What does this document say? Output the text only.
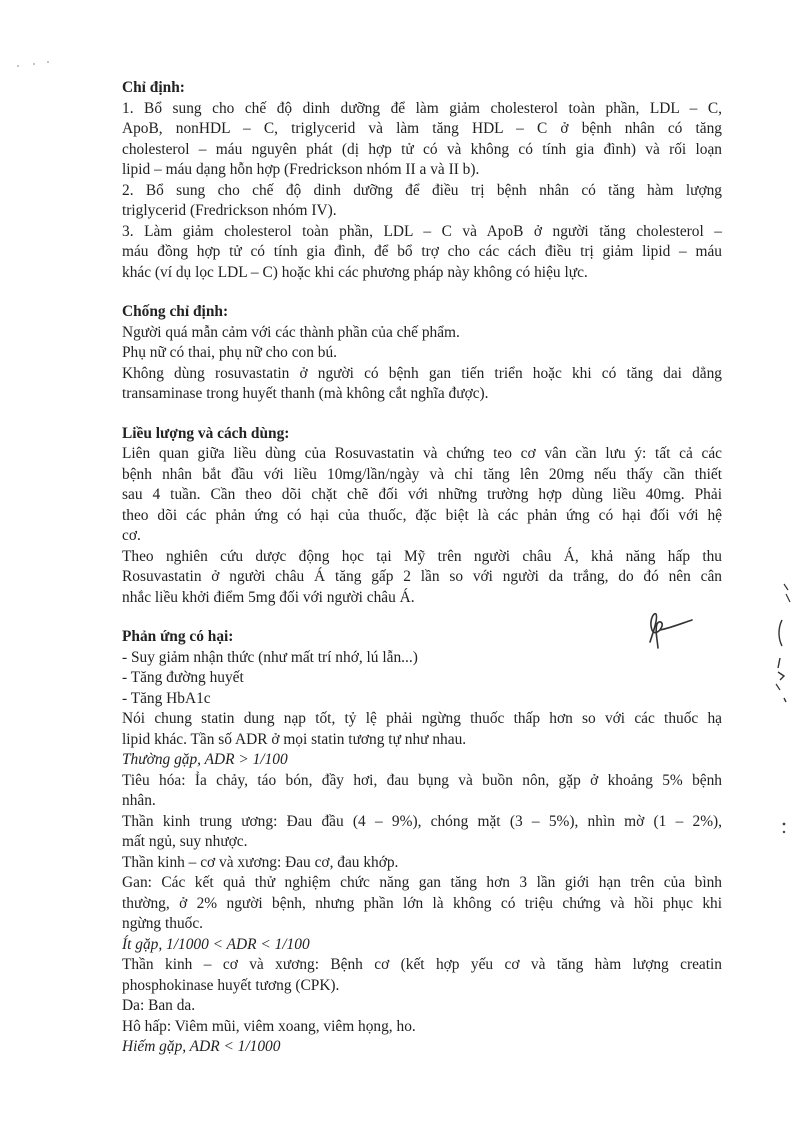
Chỉ định:
1. Bổ sung cho chế độ dinh dưỡng để làm giảm cholesterol toàn phần, LDL – C,
ApoB, nonHDL – C, triglycerid và làm tăng HDL – C ở bệnh nhân có tăng
cholesterol – máu nguyên phát (dị hợp tử có và không có tính gia đình) và rối loạn
lipid – máu dạng hỗn hợp (Fredrickson nhóm II a và II b).
2. Bổ sung cho chế độ dinh dưỡng để điều trị bệnh nhân có tăng hàm lượng
triglycerid (Fredrickson nhóm IV).
3. Làm giảm cholesterol toàn phần, LDL – C và ApoB ở người tăng cholesterol –
máu đồng hợp tử có tính gia đình, để bổ trợ cho các cách điều trị giảm lipid – máu
khác (ví dụ lọc LDL – C) hoặc khi các phương pháp này không có hiệu lực.
Chống chỉ định:
Người quá mẫn cảm với các thành phần của chế phẩm.
Phụ nữ có thai, phụ nữ cho con bú.
Không dùng rosuvastatin ở người có bệnh gan tiến triển hoặc khi có tăng dai dẳng
transaminase trong huyết thanh (mà không cắt nghĩa được).
Liều lượng và cách dùng:
Liên quan giữa liều dùng của Rosuvastatin và chứng teo cơ vân cần lưu ý: tất cả các
bệnh nhân bắt đầu với liều 10mg/lần/ngày và chỉ tăng lên 20mg nếu thấy cần thiết
sau 4 tuần. Cần theo dõi chặt chẽ đối với những trường hợp dùng liều 40mg. Phải
theo dõi các phản ứng có hại của thuốc, đặc biệt là các phản ứng có hại đối với hệ
cơ.
Theo nghiên cứu dược động học tại Mỹ trên người châu Á, khả năng hấp thu
Rosuvastatin ở người châu Á tăng gấp 2 lần so với người da trắng, do đó nên cân
nhắc liều khởi điểm 5mg đối với người châu Á.
Phản ứng có hại:
- Suy giảm nhận thức (như mất trí nhớ, lú lẫn...)
- Tăng đường huyết
- Tăng HbA1c
Nói chung statin dung nạp tốt, tỷ lệ phải ngừng thuốc thấp hơn so với các thuốc hạ
lipid khác. Tần số ADR ở mọi statin tương tự như nhau.
Thường gặp, ADR > 1/100
Tiêu hóa: Ỉa chảy, táo bón, đầy hơi, đau bụng và buồn nôn, gặp ở khoảng 5% bệnh
nhân.
Thần kinh trung ương: Đau đầu (4 – 9%), chóng mặt (3 – 5%), nhìn mờ (1 – 2%),
mất ngủ, suy nhược.
Thần kinh – cơ và xương: Đau cơ, đau khớp.
Gan: Các kết quả thử nghiệm chức năng gan tăng hơn 3 lần giới hạn trên của bình
thường, ở 2% người bệnh, nhưng phần lớn là không có triệu chứng và hồi phục khi
ngừng thuốc.
Ít gặp, 1/1000 < ADR < 1/100
Thần kinh – cơ và xương: Bệnh cơ (kết hợp yếu cơ và tăng hàm lượng creatin
phosphokinase huyết tương (CPK).
Da: Ban da.
Hô hấp: Viêm mũi, viêm xoang, viêm họng, ho.
Hiếm gặp, ADR < 1/1000
